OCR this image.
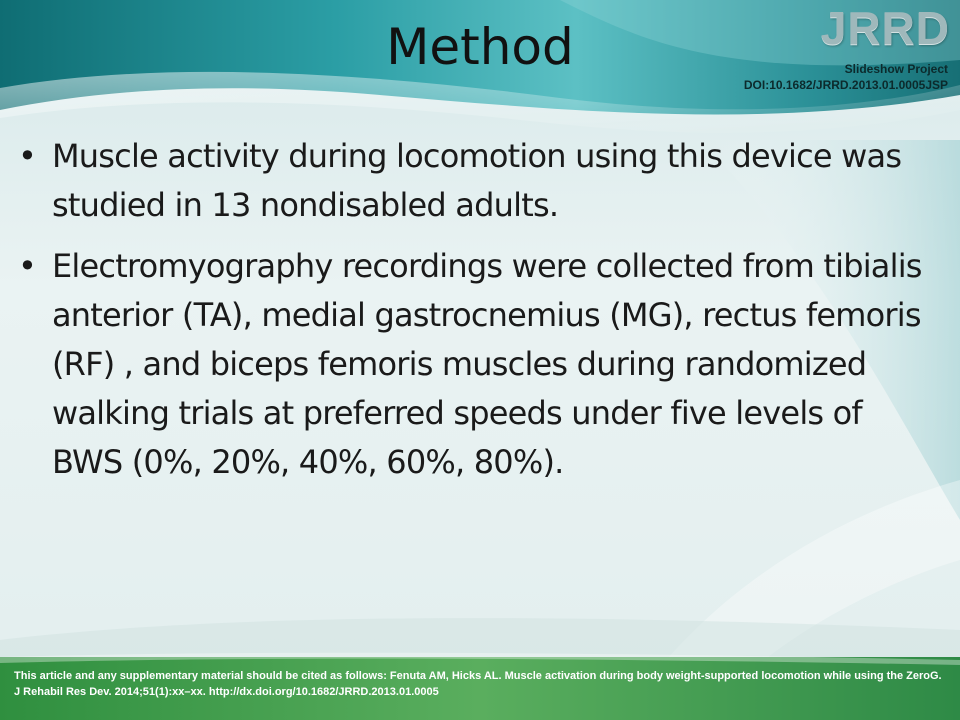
Method	JRRD
Slideshow Project
DOI:10.1682/JRRD.2013.01.0005JSP
• Muscle activity during locomotion using this device was studied in 13 nondisabled adults.
• Electromyography recordings were collected from tibialis anterior (TA), medial gastrocnemius (MG), rectus femoris (RF) , and biceps femoris muscles during randomized walking trials at preferred speeds under five levels of BWS (0%, 20%, 40%, 60%, 80%).
This article and any supplementary material should be cited as follows: Fenuta AM, Hicks AL. Muscle activation during body weight-supported locomotion while using the ZeroG. J Rehabil Res Dev. 2014;51(1):xx–xx. http://dx.doi.org/10.1682/JRRD.2013.01.0005
